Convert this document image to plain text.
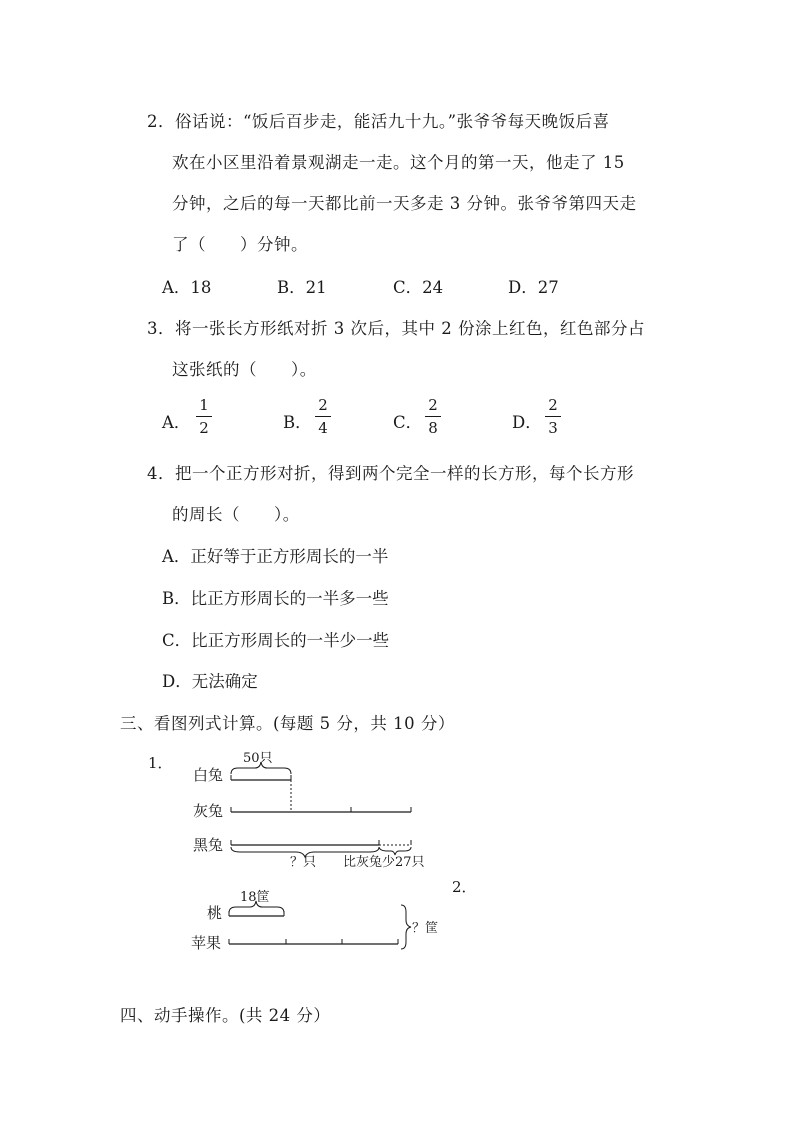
2．俗话说：“饭后百步走，能活九十九。”张爷爷每天晚饭后喜
欢在小区里沿着景观湖走一走。这个月的第一天，他走了 15
分钟，之后的每一天都比前一天多走 3 分钟。张爷爷第四天走
了（　　）分钟。
A．18	B．21	C．24	D．27
3．将一张长方形纸对折 3 次后，其中 2 份涂上红色，红色部分占
这张纸的（　　）。
A．
1
2	B．
2
4	C．
2
8	D．
2
3
4．把一个正方形对折，得到两个完全一样的长方形，每个长方形
的周长（　　）。
A．正好等于正方形周长的一半
B．比正方形周长的一半多一些
C．比正方形周长的一半少一些
D．无法确定
三、看图列式计算。(每题 5 分，共 10 分）
1．
白兔
灰兔
黑兔
50只
？只 比灰兔少27只
2．
桃
苹果
18筐
？筐
四、动手操作。(共 24 分）
